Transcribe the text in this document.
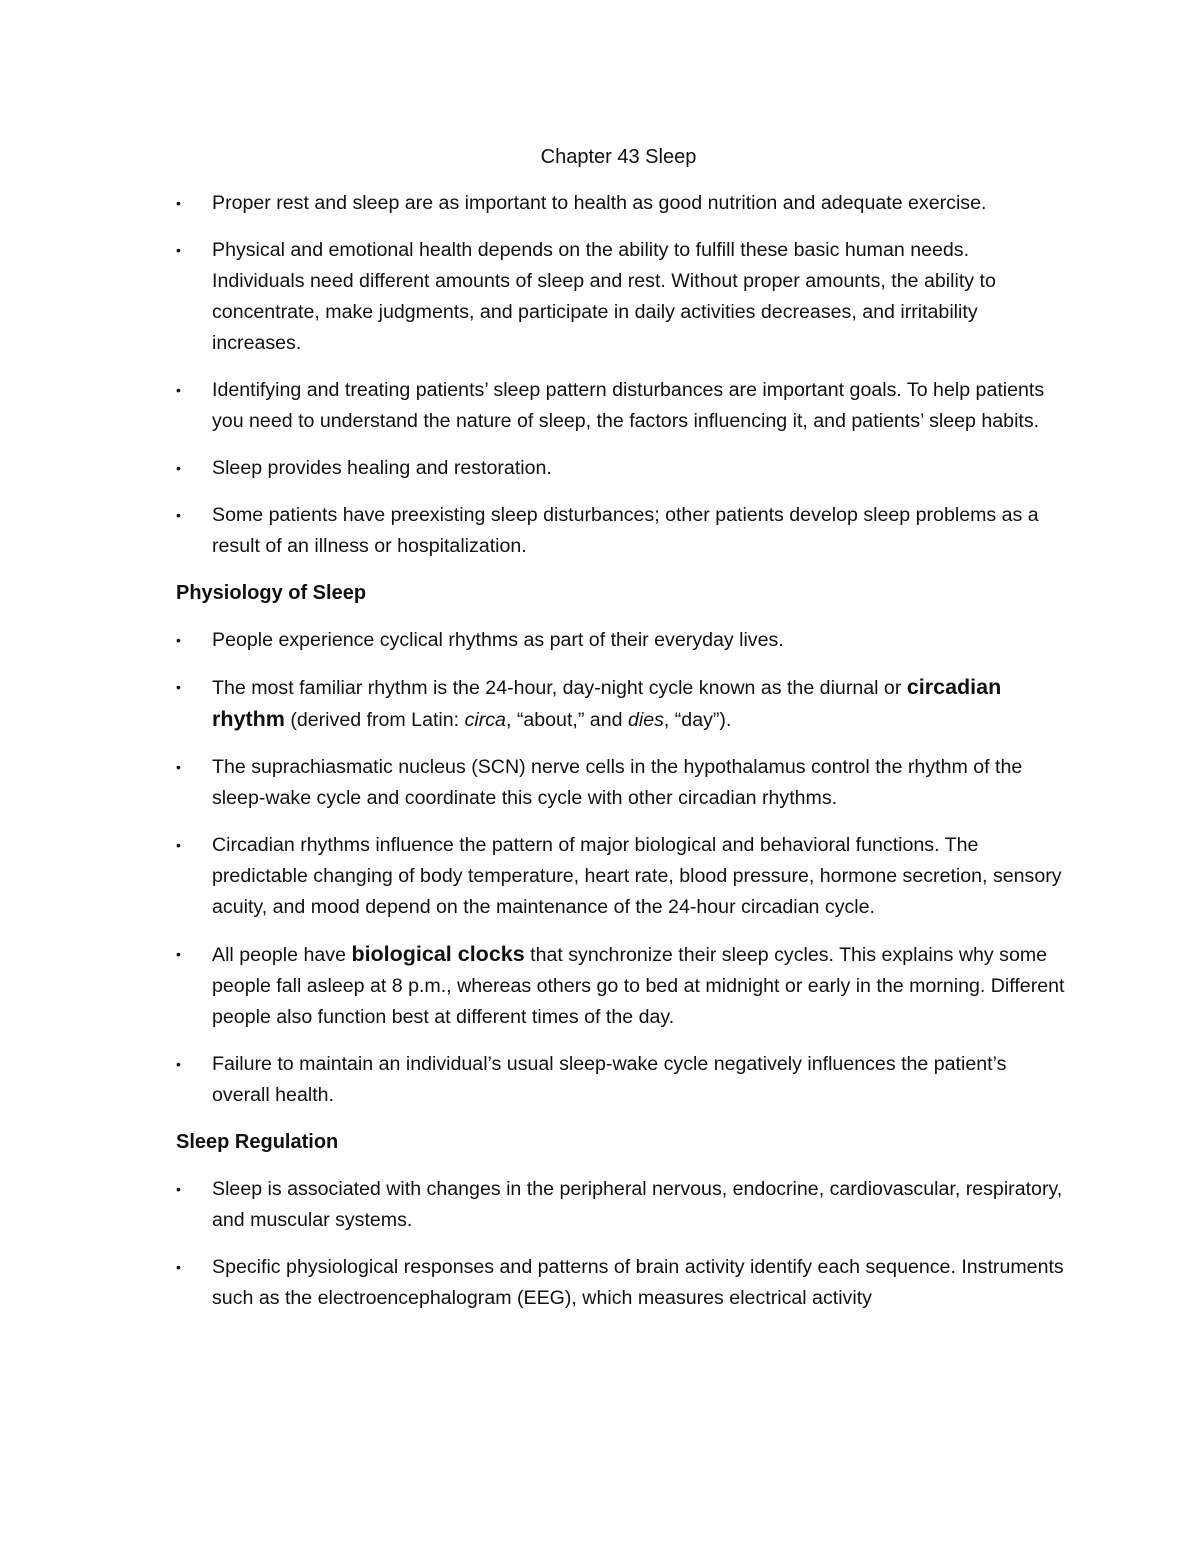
Chapter 43 Sleep
•	Proper rest and sleep are as important to health as good nutrition and adequate exercise.
•	Physical and emotional health depends on the ability to fulfill these basic human needs. Individuals need different amounts of sleep and rest. Without proper amounts, the ability to concentrate, make judgments, and participate in daily activities decreases, and irritability increases.
•	Identifying and treating patients’ sleep pattern disturbances are important goals. To help patients you need to understand the nature of sleep, the factors influencing it, and patients’ sleep habits.
•	Sleep provides healing and restoration.
•	Some patients have preexisting sleep disturbances; other patients develop sleep problems as a result of an illness or hospitalization.
Physiology of Sleep
•	People experience cyclical rhythms as part of their everyday lives.
•	The most familiar rhythm is the 24-hour, day-night cycle known as the diurnal or circadian rhythm (derived from Latin: circa, “about,” and dies, “day”).
•	The suprachiasmatic nucleus (SCN) nerve cells in the hypothalamus control the rhythm of the sleep-wake cycle and coordinate this cycle with other circadian rhythms.
•	Circadian rhythms influence the pattern of major biological and behavioral functions. The predictable changing of body temperature, heart rate, blood pressure, hormone secretion, sensory acuity, and mood depend on the maintenance of the 24-hour circadian cycle.
•	All people have biological clocks that synchronize their sleep cycles. This explains why some people fall asleep at 8 p.m., whereas others go to bed at midnight or early in the morning. Different people also function best at different times of the day.
•	Failure to maintain an individual’s usual sleep-wake cycle negatively influences the patient’s overall health.
Sleep Regulation
•	Sleep is associated with changes in the peripheral nervous, endocrine, cardiovascular, respiratory, and muscular systems.
•	Specific physiological responses and patterns of brain activity identify each sequence. Instruments such as the electroencephalogram (EEG), which measures electrical activity
